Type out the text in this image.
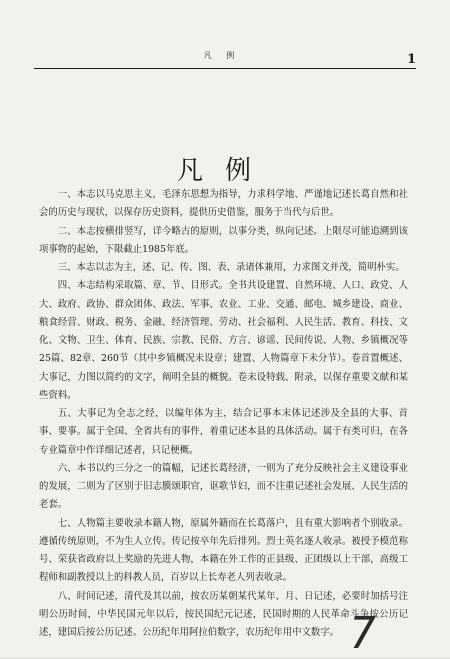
凡 例	1
凡例

一、本志以马克思主义，毛泽东思想为指导，力求科学地、严谨地记述长葛自然和社会的历史与现状，以保存历史资料，提供历史借鉴，服务于当代与后世。

二、本志按横排竖写，详今略古的原则，以事分类，纵向记述。上限尽可能追溯到该项事物的起始，下限截止1985年底。

三、本志以志为主，述、记、传、图、表、录诸体兼用，力求图文并茂，简明朴实。

四、本志结构采取篇、章、节、目形式。全书共设建置、自然环境、人口、政党、人大、政府、政协、群众团体、政法、军事、农业、工业、交通、邮电、城乡建设、商业、粮食经营、财政、税务、金融、经济管理、劳动、社会福利、人民生活、教育、科技、文化、文物、卫生、体育、民族、宗教、民俗、方言、谚谣、民间传说、人物、乡镇概况等25篇、82章、260节（其中乡镇概况未设章；建置、人物篇章下未分节）。卷首置概述、大事记，力图以简约的文字，阐明全县的概貌。卷末设特载、附录，以保存重要文献和某些资料。

五、大事记为全志之经，以编年体为主，结合记事本末体记述涉及全县的大事、首事、要事。属于全国、全省共有的事件，着重记述本县的具体活动。属于有类可归，在各专业篇章中作详细记述者，只记梗概。

六、本书以约三分之一的篇幅，记述长葛经济，一则为了充分反映社会主义建设事业的发展，二则为了区别于旧志膜颂职官，讴歌节妇，而不注重记述社会发展、人民生活的老套。

七、人物篇主要收录本籍人物，原属外籍而在长葛落户，且有重大影响者个别收录。遵循传统原则，不为生人立传。传记按卒年先后排列。烈士英名逐人收录。被授予模范称号、荣获省政府以上奖励的先进人物，本籍在外工作的正县级、正团级以上干部，高级工程师和副教授以上的科教人员，百岁以上长寿老人列表收录。

八、时间记述，清代及其以前，按农历某朝某代某年、月、日记述，必要时加括号注明公历时间，中华民国元年以后，按民国纪元记述，民国时期的人民革命斗争按公历记述，建国后按公历记述。公历纪年用阿拉伯数字，农历纪年用中文数字。 7
